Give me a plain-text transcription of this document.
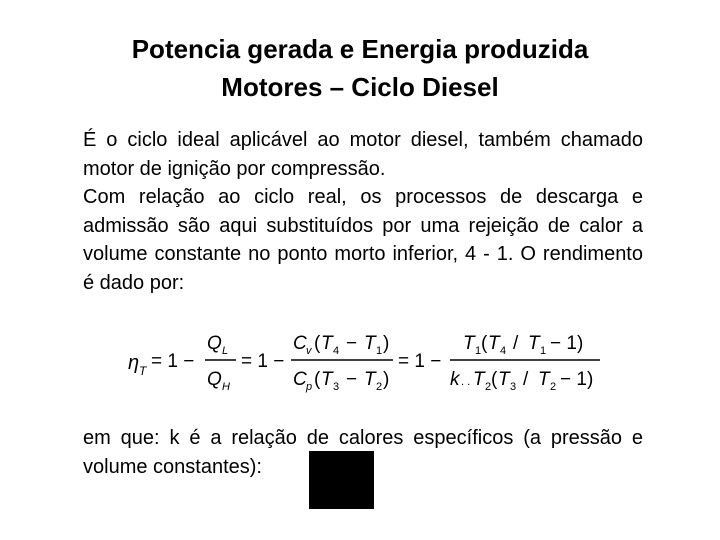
Potencia gerada e Energia produzida
Motores – Ciclo Diesel

É o ciclo ideal aplicável ao motor diesel, também chamado motor de ignição por compressão.

Com relação ao ciclo real, os processos de descarga e admissão são aqui substituídos por uma rejeição de calor a volume constante no ponto morto inferior, 4 - 1. O rendimento é dado por:

η T = 1 −
Q L
Q H
= 1 −
C v ( T 4 − T 1 )
C p ( T 3 − T 2 )
= 1 −
T 1 ( T 4 / T 1 − 1)
k . . T 2 ( T 3 / T 2 − 1)

em que: k é a relação de calores específicos (a pressão e volume constantes):
